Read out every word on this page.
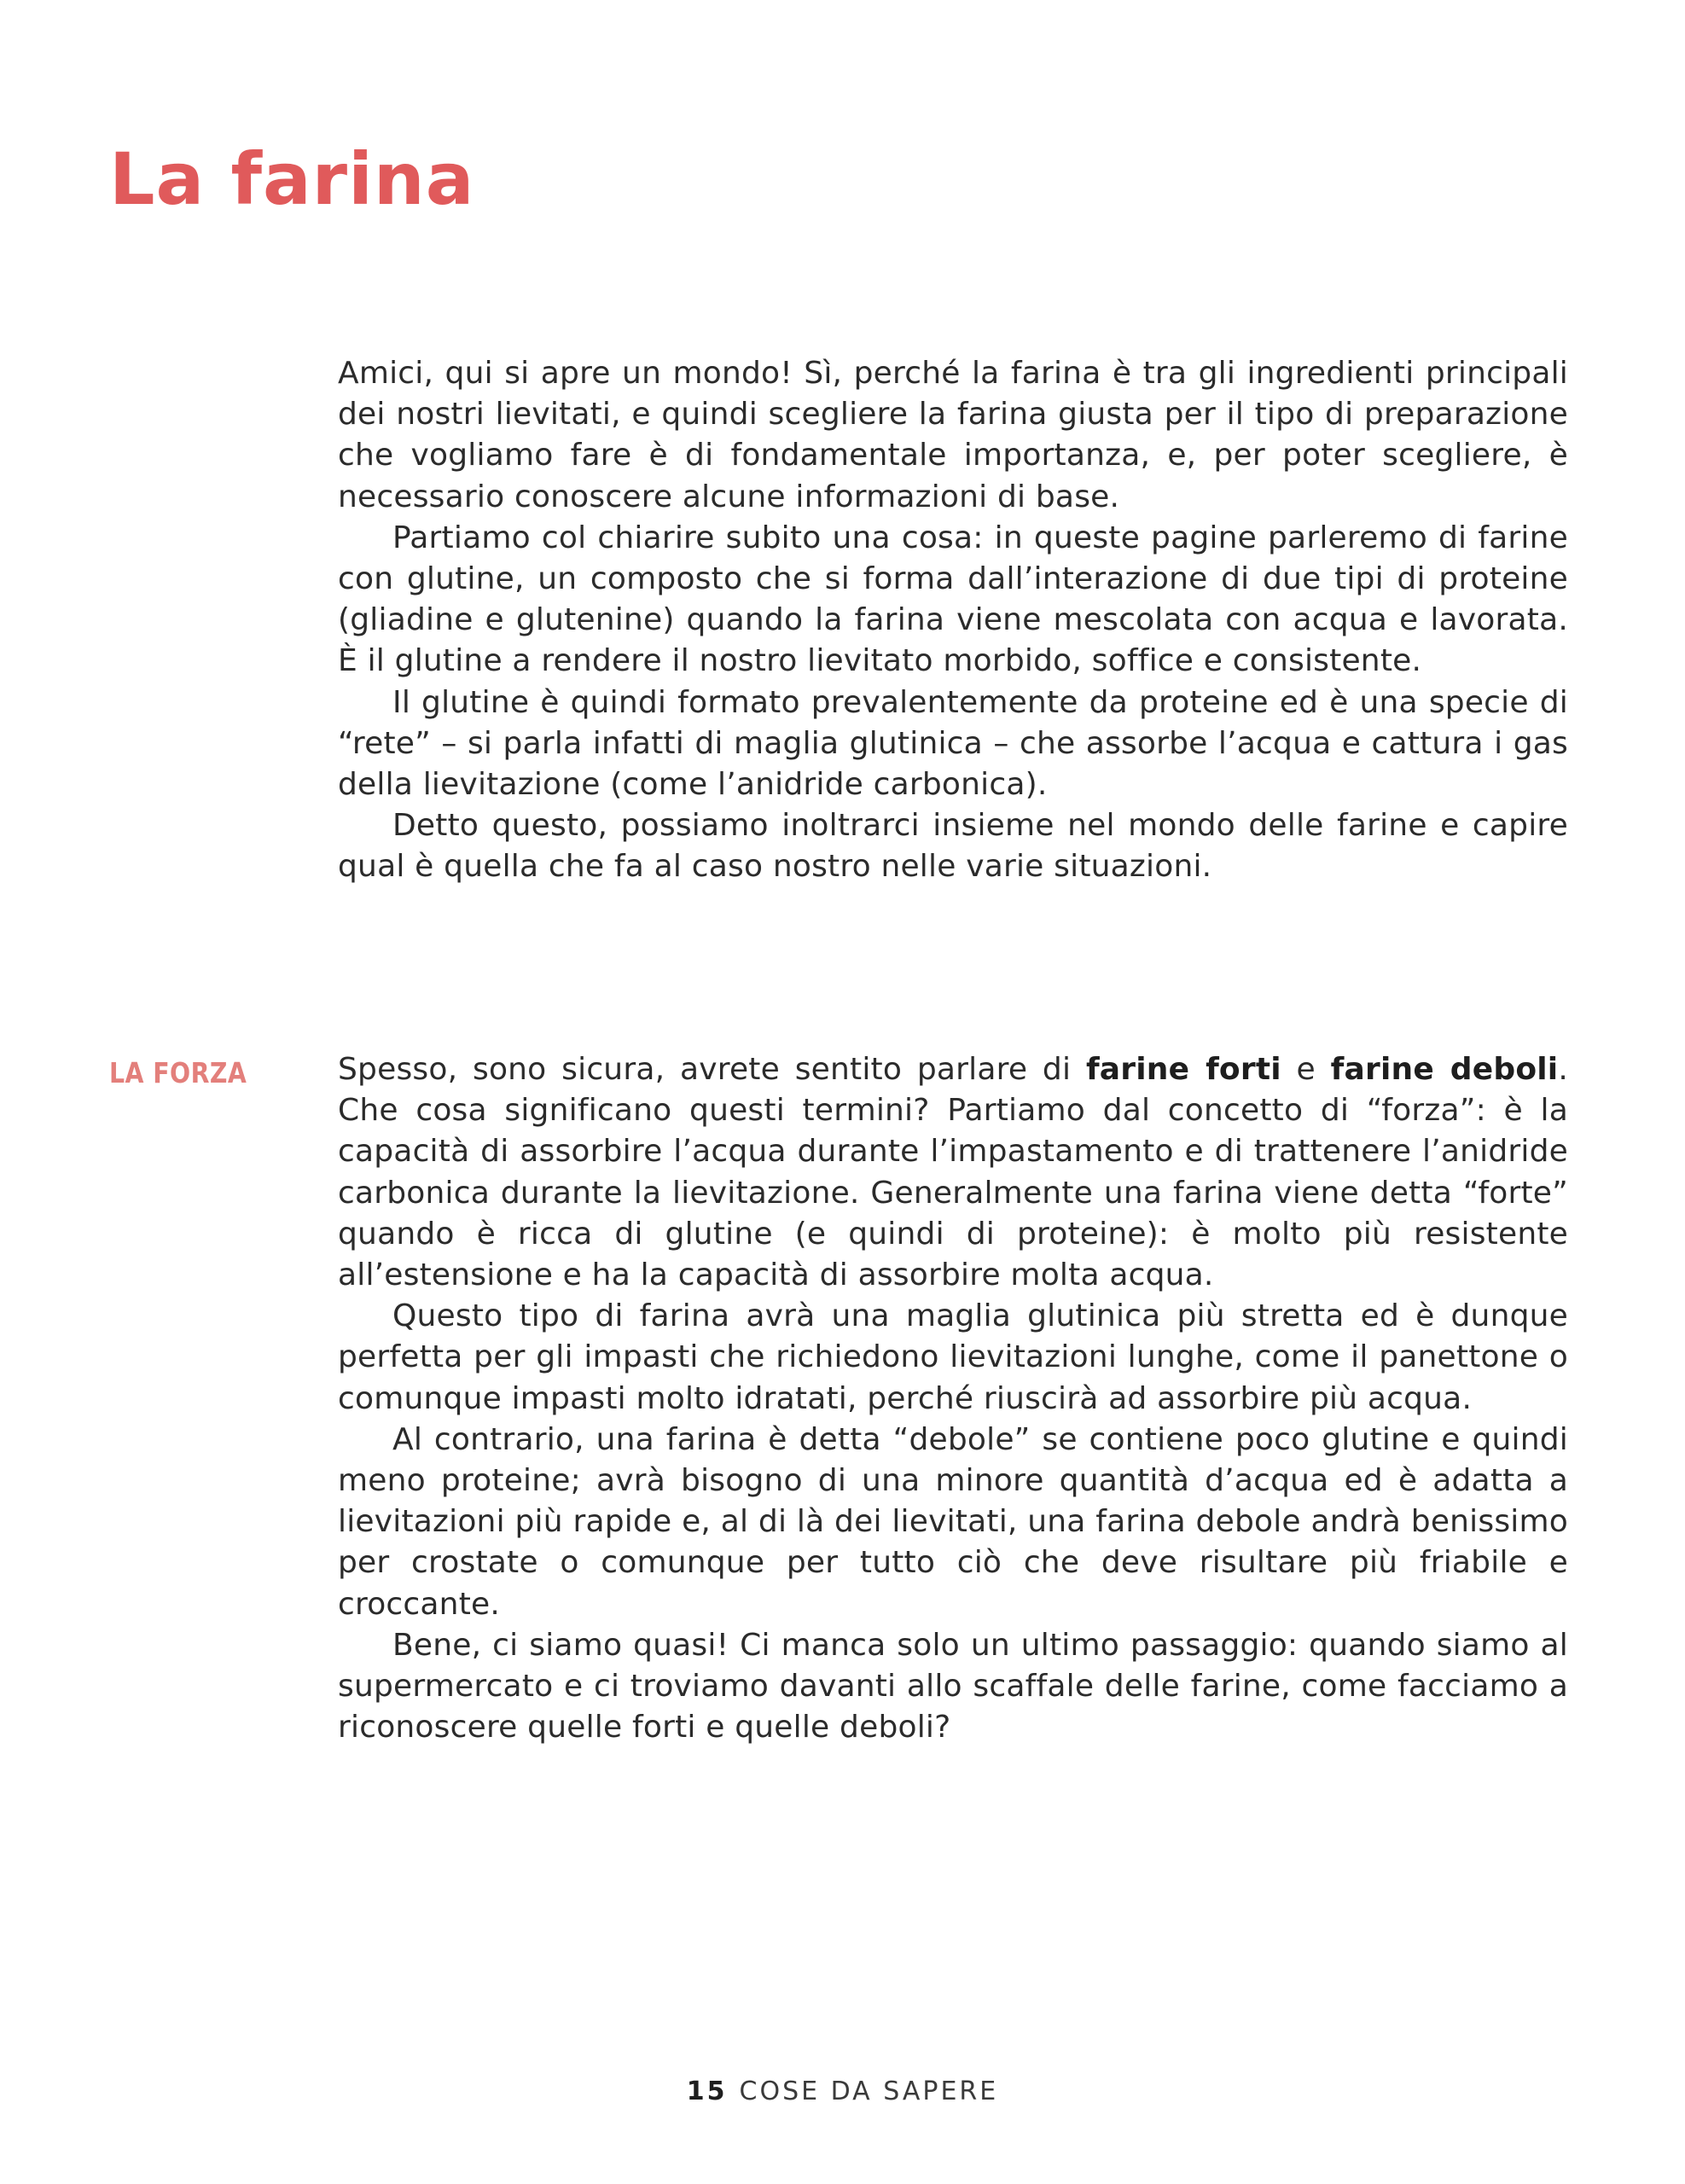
La farina

Amici, qui si apre un mondo! Sì, perché la farina è tra gli ingredienti principali dei nostri lievitati, e quindi scegliere la farina giusta per il tipo di preparazione che vogliamo fare è di fondamentale importanza, e, per poter scegliere, è necessario conoscere alcune informazioni di base.

Partiamo col chiarire subito una cosa: in queste pagine parleremo di farine con glutine, un composto che si forma dall’interazione di due tipi di proteine (gliadine e glutenine) quando la farina viene mescolata con acqua e lavorata. È il glutine a rendere il nostro lievitato morbido, soffice e consistente.

Il glutine è quindi formato prevalentemente da proteine ed è una specie di “rete” – si parla infatti di maglia glutinica – che assorbe l’acqua e cattura i gas della lievitazione (come l’anidride carbonica).

Detto questo, possiamo inoltrarci insieme nel mondo delle farine e capire qual è quella che fa al caso nostro nelle varie situazioni.

LA FORZA	Spesso, sono sicura, avrete sentito parlare di farine forti e farine deboli. Che cosa significano questi termini? Partiamo dal concetto di “forza”: è la capacità di assorbire l’acqua durante l’impastamento e di trattenere l’anidride carbonica durante la lievitazione. Generalmente una farina viene detta “forte” quando è ricca di glutine (e quindi di proteine): è molto più resistente all’estensione e ha la capacità di assorbire molta acqua.

Questo tipo di farina avrà una maglia glutinica più stretta ed è dunque perfetta per gli impasti che richiedono lievitazioni lunghe, come il panettone o comunque impasti molto idratati, perché riuscirà ad assorbire più acqua.

Al contrario, una farina è detta “debole” se contiene poco glutine e quindi meno proteine; avrà bisogno di una minore quantità d’acqua ed è adatta a lievitazioni più rapide e, al di là dei lievitati, una farina debole andrà benissimo per crostate o comunque per tutto ciò che deve risultare più friabile e croccante.

Bene, ci siamo quasi! Ci manca solo un ultimo passaggio: quando siamo al supermercato e ci troviamo davanti allo scaffale delle farine, come facciamo a riconoscere quelle forti e quelle deboli?

15 COSE DA SAPERE
